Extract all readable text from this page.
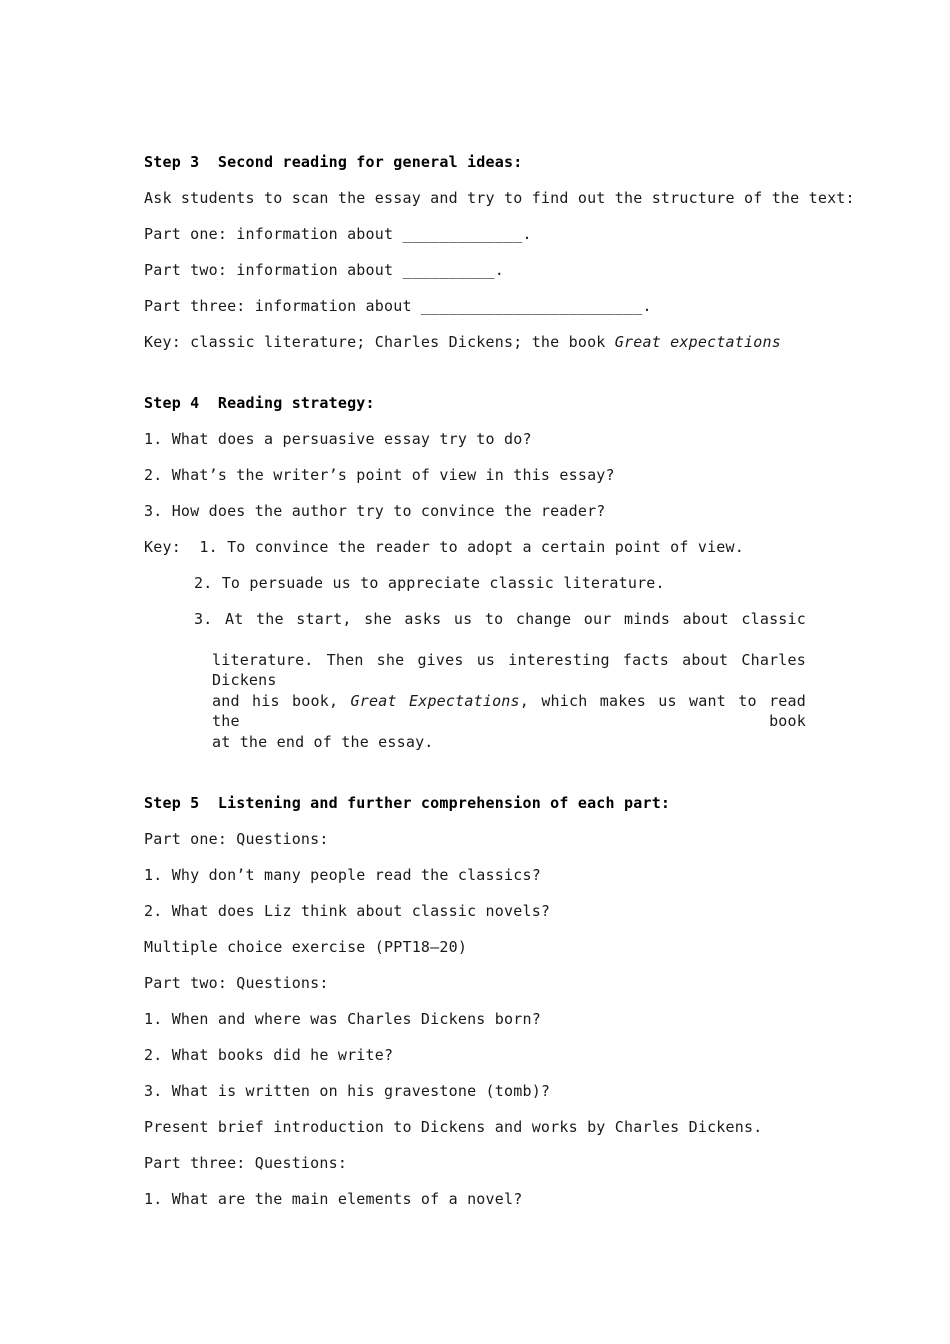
Step 3  Second reading for general ideas:
Ask students to scan the essay and try to find out the structure of the text:
Part one: information about _____________.
Part two: information about __________.
Part three: information about ________________________.
Key: classic literature; Charles Dickens; the book Great expectations
Step 4  Reading strategy:
1. What does a persuasive essay try to do?
2. What’s the writer’s point of view in this essay?
3. How does the author try to convince the reader?
Key:  1. To convince the reader to adopt a certain point of view.
2. To persuade us to appreciate classic literature.
3. At the start, she asks us to change our minds about classic
literature. Then she gives us interesting facts about Charles Dickens
and his book, Great Expectations, which makes us want to read the book
at the end of the essay.
Step 5  Listening and further comprehension of each part:
Part one: Questions:
1. Why don’t many people read the classics?
2. What does Liz think about classic novels?
Multiple choice exercise (PPT18—20)
Part two: Questions:
1. When and where was Charles Dickens born?
2. What books did he write?
3. What is written on his gravestone (tomb)?
Present brief introduction to Dickens and works by Charles Dickens.
Part three: Questions:
1. What are the main elements of a novel?
